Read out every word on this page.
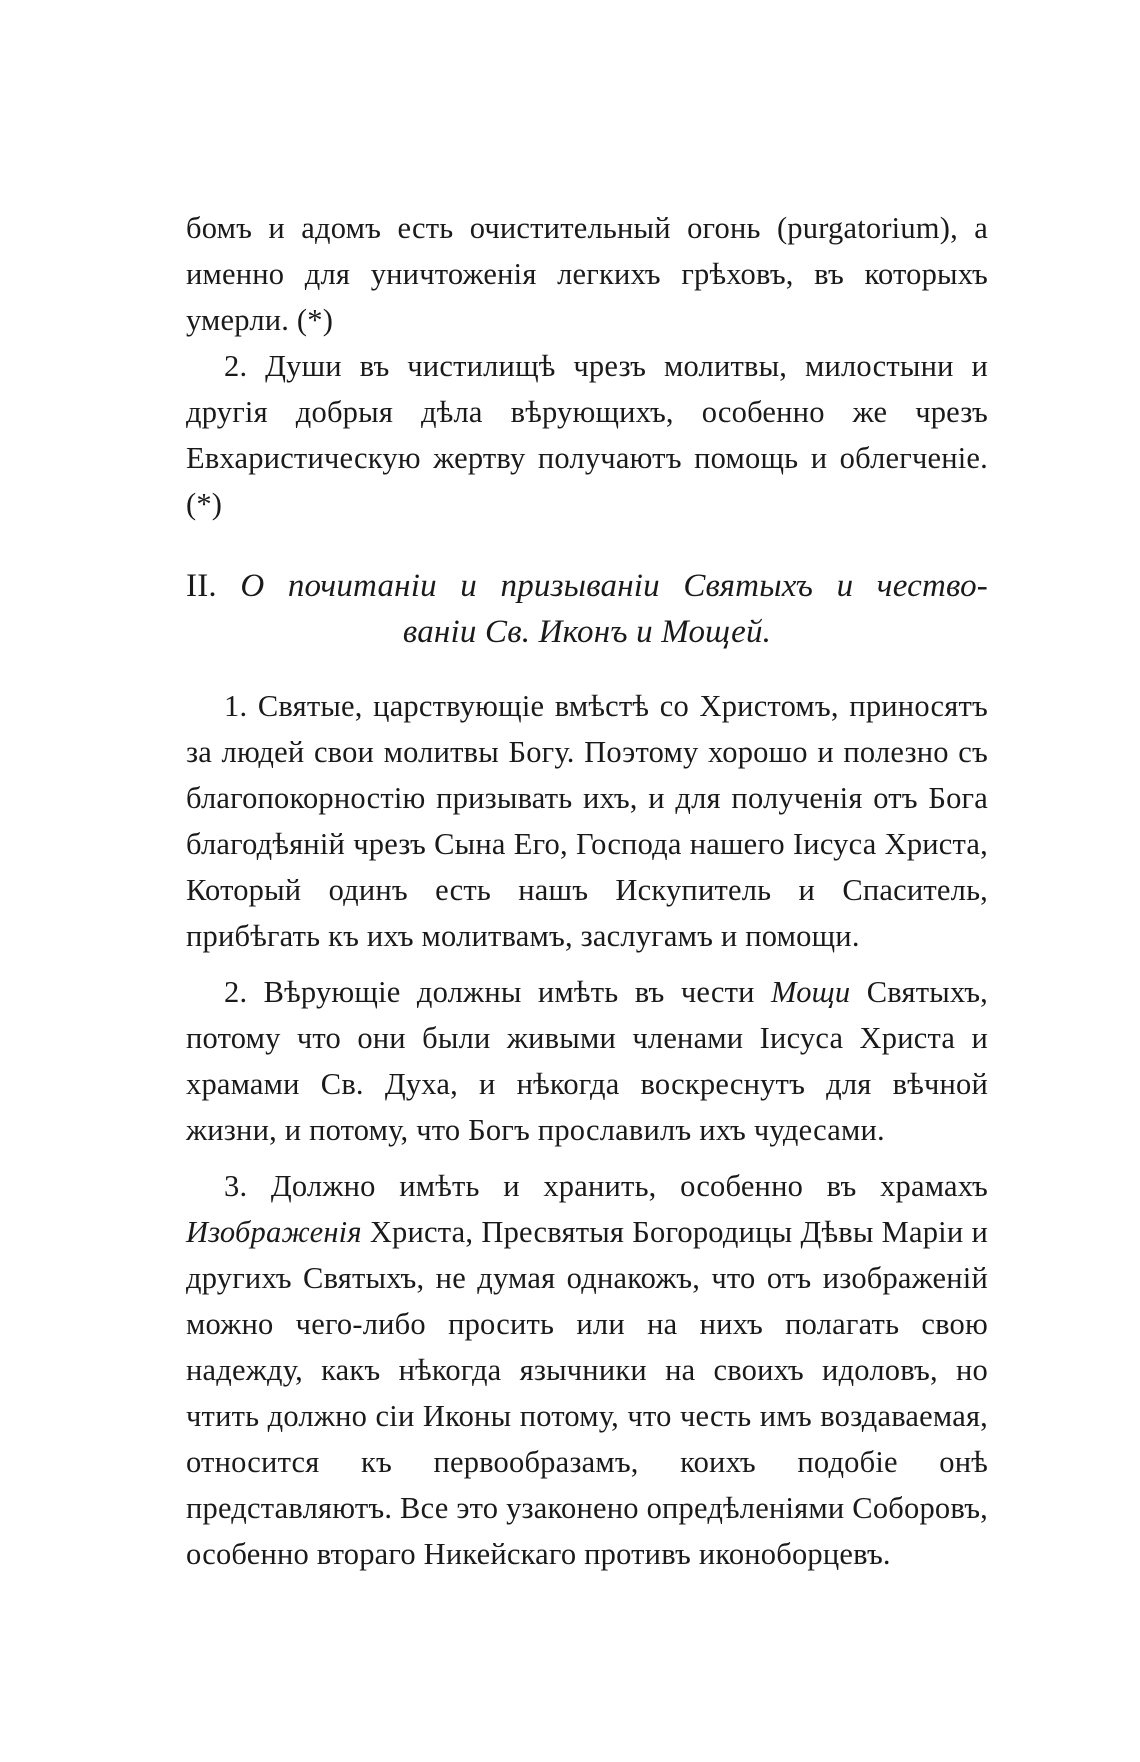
бомъ и адомъ есть очистительный огонь (purgatorium), а именно для уничтоженія легкихъ грѣховъ, въ которыхъ умерли. (*)

2. Души въ чистилищѣ чрезъ молитвы, милостыни и другія добрыя дѣла вѣрующихъ, особенно же чрезъ Евхаристическую жертву получаютъ помощь и облегченіе. (*)

II. О почитаніи и призываніи Святыхъ и чество-
ваніи Св. Иконъ и Мощей.

1. Святые, царствующіе вмѣстѣ со Христомъ, приносятъ за людей свои молитвы Богу. Поэтому хорошо и полезно съ благопокорностію призывать ихъ, и для полученія отъ Бога благодѣяній чрезъ Сына Его, Господа нашего Іисуса Христа, Который одинъ есть нашъ Искупитель и Спаситель, прибѣгать къ ихъ молитвамъ, заслугамъ и помощи.

2. Вѣрующіе должны имѣть въ чести Мощи Святыхъ, потому что они были живыми членами Іисуса Христа и храмами Св. Духа, и нѣкогда воскреснутъ для вѣчной жизни, и потому, что Богъ прославилъ ихъ чудесами.

3. Должно имѣть и хранить, особенно въ храмахъ Изображенія Христа, Пресвятыя Богородицы Дѣвы Маріи и другихъ Святыхъ, не думая однакожъ, что отъ изображеній можно чего-либо просить или на нихъ полагать свою надежду, какъ нѣкогда язычники на своихъ идоловъ, но чтить должно сіи Иконы потому, что честь имъ воздаваемая, относится къ первообразамъ, коихъ подобіе онѣ представляютъ. Все это узаконено опредѣленіями Соборовъ, особенно втораго Никейскаго противъ иконоборцевъ.
